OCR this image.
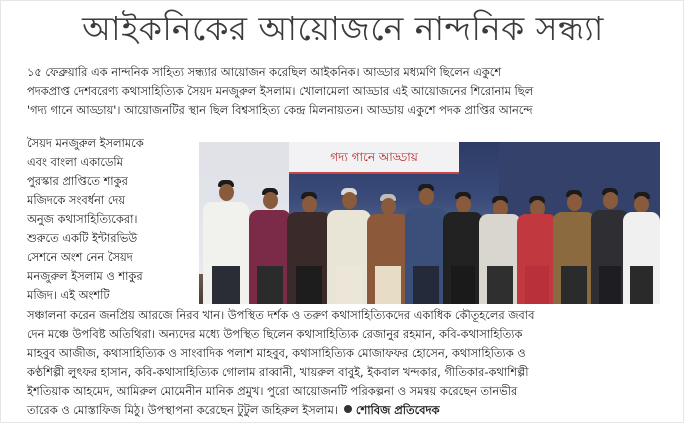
আইকনিকের আয়োজনে নান্দনিক সন্ধ্যা
১৫ ফেব্রুয়ারি এক নান্দনিক সাহিত্য সন্ধ্যার আয়োজন করেছিল আইকনিক। আড্ডার মধ্যমণি ছিলেন একুশে
পদকপ্রাপ্ত দেশবরেণ্য কথাসাহিত্যিক সৈয়দ মনজুরুল ইসলাম। খোলামেলা আড্ডার এই আয়োজনের শিরোনাম ছিল
'গদ্য গানে আড্ডায়'। আয়োজনটির স্থান ছিল বিশ্বসাহিত্য কেন্দ্র মিলনায়তন। আড্ডায় একুশে পদক প্রাপ্তির আনন্দে
সৈয়দ মনজুরুল ইসলামকে
এবং বাংলা একাডেমি
পুরস্কার প্রাপ্তিতে শাকুর
মজিদকে সংবর্ধনা দেয়
অনুজ কথাসাহিত্যিকেরা।
শুরুতে একটি ইন্টারভিউ
সেশনে অংশ নেন সৈয়দ
মনজুরুল ইসলাম ও শাকুর
মজিদ। এই অংশটি
গদ্য গানে আড্ডায়
সঞ্চালনা করেন জনপ্রিয় আরজে নিরব খান। উপস্থিত দর্শক ও তরুণ কথাসাহিত্যিকদের একাধিক কৌতূহলের জবাব
দেন মঞ্চে উপবিষ্ট অতিথিরা। অন্যদের মধ্যে উপস্থিত ছিলেন কথাসাহিত্যিক রেজানুর রহমান, কবি-কথাসাহিত্যিক
মাহবুব আজীজ, কথাসাহিত্যিক ও সাংবাদিক পলাশ মাহবুব, কথাসাহিত্যিক মোজাফফর হোসেন, কথাসাহিত্যিক ও
কণ্ঠশিল্পী লুৎফর হাসান, কবি-কথাসাহিত্যিক গোলাম রাব্বানী, খায়রুল বাবুই, ইকবাল খন্দকার, গীতিকার-কথাশিল্পী
ইশতিয়াক আহমেদ, আমিরুল মোমেনীন মানিক প্রমুখ। পুরো আয়োজনটি পরিকল্পনা ও সমন্বয় করেছেন তানভীর
তারেক ও মোস্তাফিজ মিঠু। উপস্থাপনা করেছেন টুটুল জহিরুল ইসলাম। শোবিজ প্রতিবেদক
